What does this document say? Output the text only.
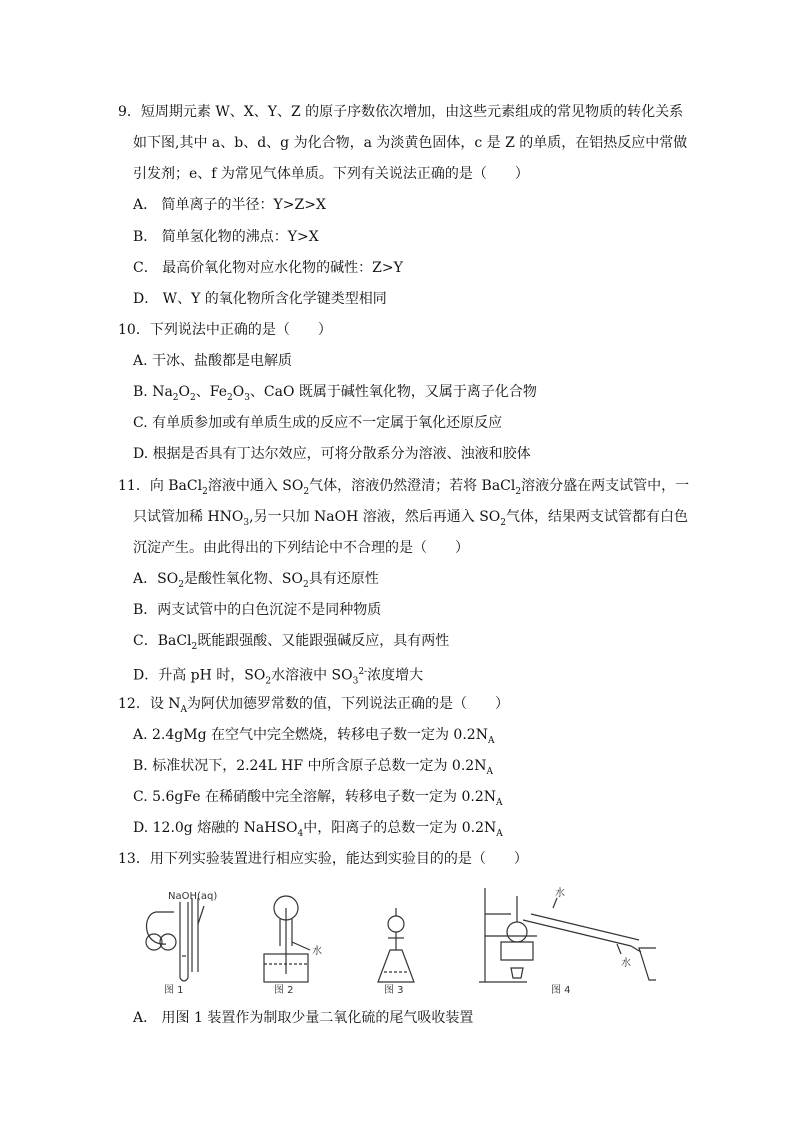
9．短周期元素 W、X、Y、Z 的原子序数依次增加，由这些元素组成的常见物质的转化关系
如下图,其中 a、b、d、g 为化合物，a 为淡黄色固体，c 是 Z 的单质，在铝热反应中常做
引发剂；e、f 为常见气体单质。下列有关说法正确的是（　　）
A． 简单离子的半径：Y>Z>X
B． 简单氢化物的沸点：Y>X
C． 最高价氧化物对应水化物的碱性：Z>Y
D． W、Y 的氧化物所含化学键类型相同
10．下列说法中正确的是（　　）
A. 干冰、盐酸都是电解质
B. $Na_2O_2$、$Fe_2O_3$、CaO 既属于碱性氧化物，又属于离子化合物
C. 有单质参加或有单质生成的反应不一定属于氧化还原反应
D. 根据是否具有丁达尔效应，可将分散系分为溶液、浊液和胶体
11．向 BaCl$_2$溶液中通入 $SO_2$气体，溶液仍然澄清；若将 BaCl$_2$溶液分盛在两支试管中，一
只试管加稀 $HNO_3$,另一只加 NaOH 溶液，然后再通入 $SO_2$气体，结果两支试管都有白色
沉淀产生。由此得出的下列结论中不合理的是（　　）
A．$SO_2$是酸性氧化物、$SO_2$具有还原性
B．两支试管中的白色沉淀不是同种物质
C．BaCl$_2$既能跟强酸、又能跟强碱反应，具有两性
D．升高 pH 时，$SO_2$水溶液中 $SO_3^{2-}$浓度增大
12．设 $N_A$为阿伏加德罗常数的值，下列说法正确的是（　　）
A. 2.4gMg 在空气中完全燃烧，转移电子数一定为 $0.2N_A$
B. 标准状况下，2.24L HF 中所含原子总数一定为 $0.2N_A$
C. 5.6gFe 在稀硝酸中完全溶解，转移电子数一定为 $0.2N_A$
D. 12.0g 熔融的 NaHSO$_4$中，阳离子的总数一定为 $0.2N_A$
13．用下列实验装置进行相应实验，能达到实验目的的是（　　）
NaOH(aq)
图 1
水
图 2	图 3
水
水
图 4
A． 用图 1 装置作为制取少量二氧化硫的尾气吸收装置
